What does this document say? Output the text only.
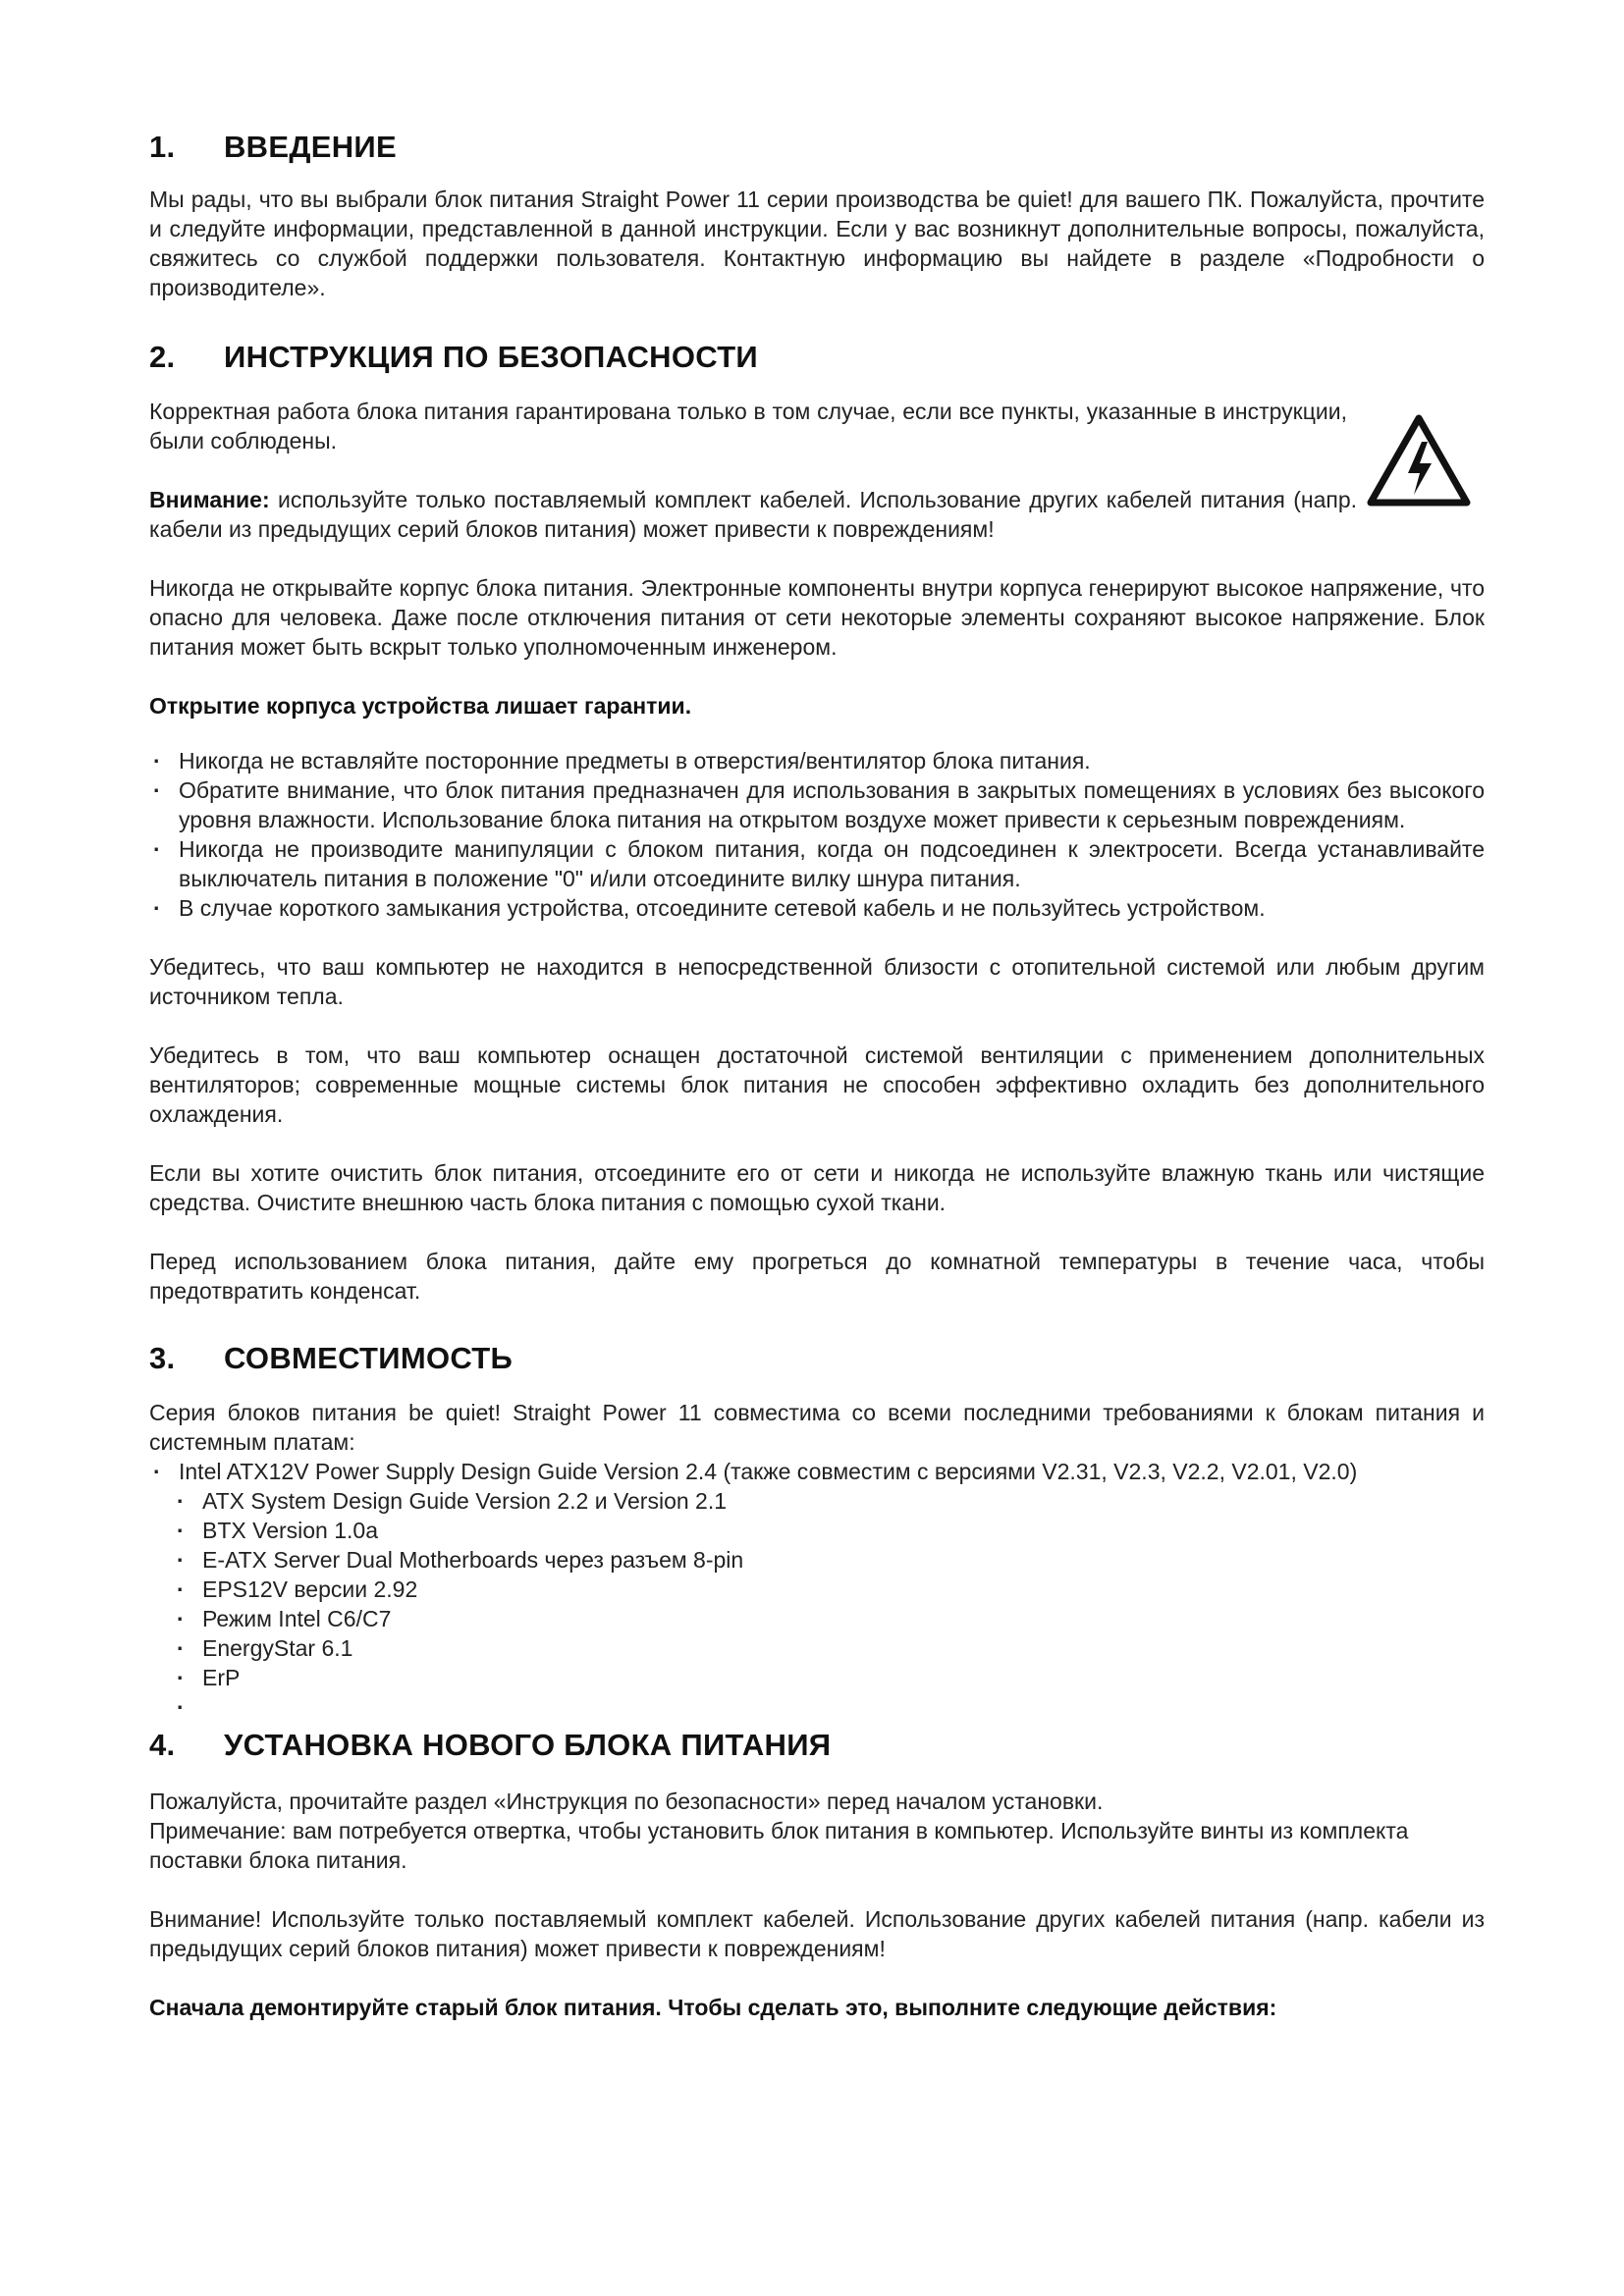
1.	ВВЕДЕНИЕ

Мы рады, что вы выбрали блок питания Straight Power 11 серии производства be quiet! для вашего ПК. Пожалуйста, прочтите и следуйте информации, представленной в данной инструкции. Если у вас возникнут дополнительные вопросы, пожалуйста, свяжитесь со службой поддержки пользователя. Контактную информацию вы найдете в разделе «Подробности о производителе».

2.	ИНСТРУКЦИЯ ПО БЕЗОПАСНОСТИ

Корректная работа блока питания гарантирована только в том случае, если все пункты, указанные в инструкции, были соблюдены.

Внимание: используйте только поставляемый комплект кабелей. Использование других кабелей питания (напр. кабели из предыдущих серий блоков питания) может привести к повреждениям!

Никогда не открывайте корпус блока питания. Электронные компоненты внутри корпуса генерируют высокое напряжение, что опасно для человека. Даже после отключения питания от сети некоторые элементы сохраняют высокое напряжение. Блок питания может быть вскрыт только уполномоченным инженером.

Открытие корпуса устройства лишает гарантии.

· Никогда не вставляйте посторонние предметы в отверстия/вентилятор блока питания.
· Обратите внимание, что блок питания предназначен для использования в закрытых помещениях в условиях без высокого уровня влажности. Использование блока питания на открытом воздухе может привести к серьезным повреждениям.
· Никогда не производите манипуляции с блоком питания, когда он подсоединен к электросети. Всегда устанавливайте выключатель питания в положение "0" и/или отсоедините вилку шнура питания.
· В случае короткого замыкания устройства, отсоедините сетевой кабель и не пользуйтесь устройством.

Убедитесь, что ваш компьютер не находится в непосредственной близости с отопительной системой или любым другим источником тепла.

Убедитесь в том, что ваш компьютер оснащен достаточной системой вентиляции с применением дополнительных вентиляторов; современные мощные системы блок питания не способен эффективно охладить без дополнительного охлаждения.

Если вы хотите очистить блок питания, отсоедините его от сети и никогда не используйте влажную ткань или чистящие средства. Очистите внешнюю часть блока питания с помощью сухой ткани.

Перед использованием блока питания, дайте ему прогреться до комнатной температуры в течение часа, чтобы предотвратить конденсат.

3.	СОВМЕСТИМОСТЬ

Серия блоков питания be quiet! Straight Power 11 совместима со всеми последними требованиями к блокам питания и системным платам:

· Intel ATX12V Power Supply Design Guide Version 2.4 (также совместим с версиями V2.31, V2.3, V2.2, V2.01, V2.0)
· ATX System Design Guide Version 2.2 и Version 2.1
· BTX Version 1.0a
· E-ATX Server Dual Motherboards через разъем 8-pin
· EPS12V версии 2.92
· Режим Intel C6/C7
· EnergyStar 6.1
· ErP
4.	УСТАНОВКА НОВОГО БЛОКА ПИТАНИЯ

Пожалуйста, прочитайте раздел «Инструкция по безопасности» перед началом установки.

Примечание: вам потребуется отвертка, чтобы установить блок питания в компьютер. Используйте винты из комплекта поставки блока питания.

Внимание! Используйте только поставляемый комплект кабелей. Использование других кабелей питания (напр. кабели из предыдущих серий блоков питания) может привести к повреждениям!

Сначала демонтируйте старый блок питания. Чтобы сделать это, выполните следующие действия:
